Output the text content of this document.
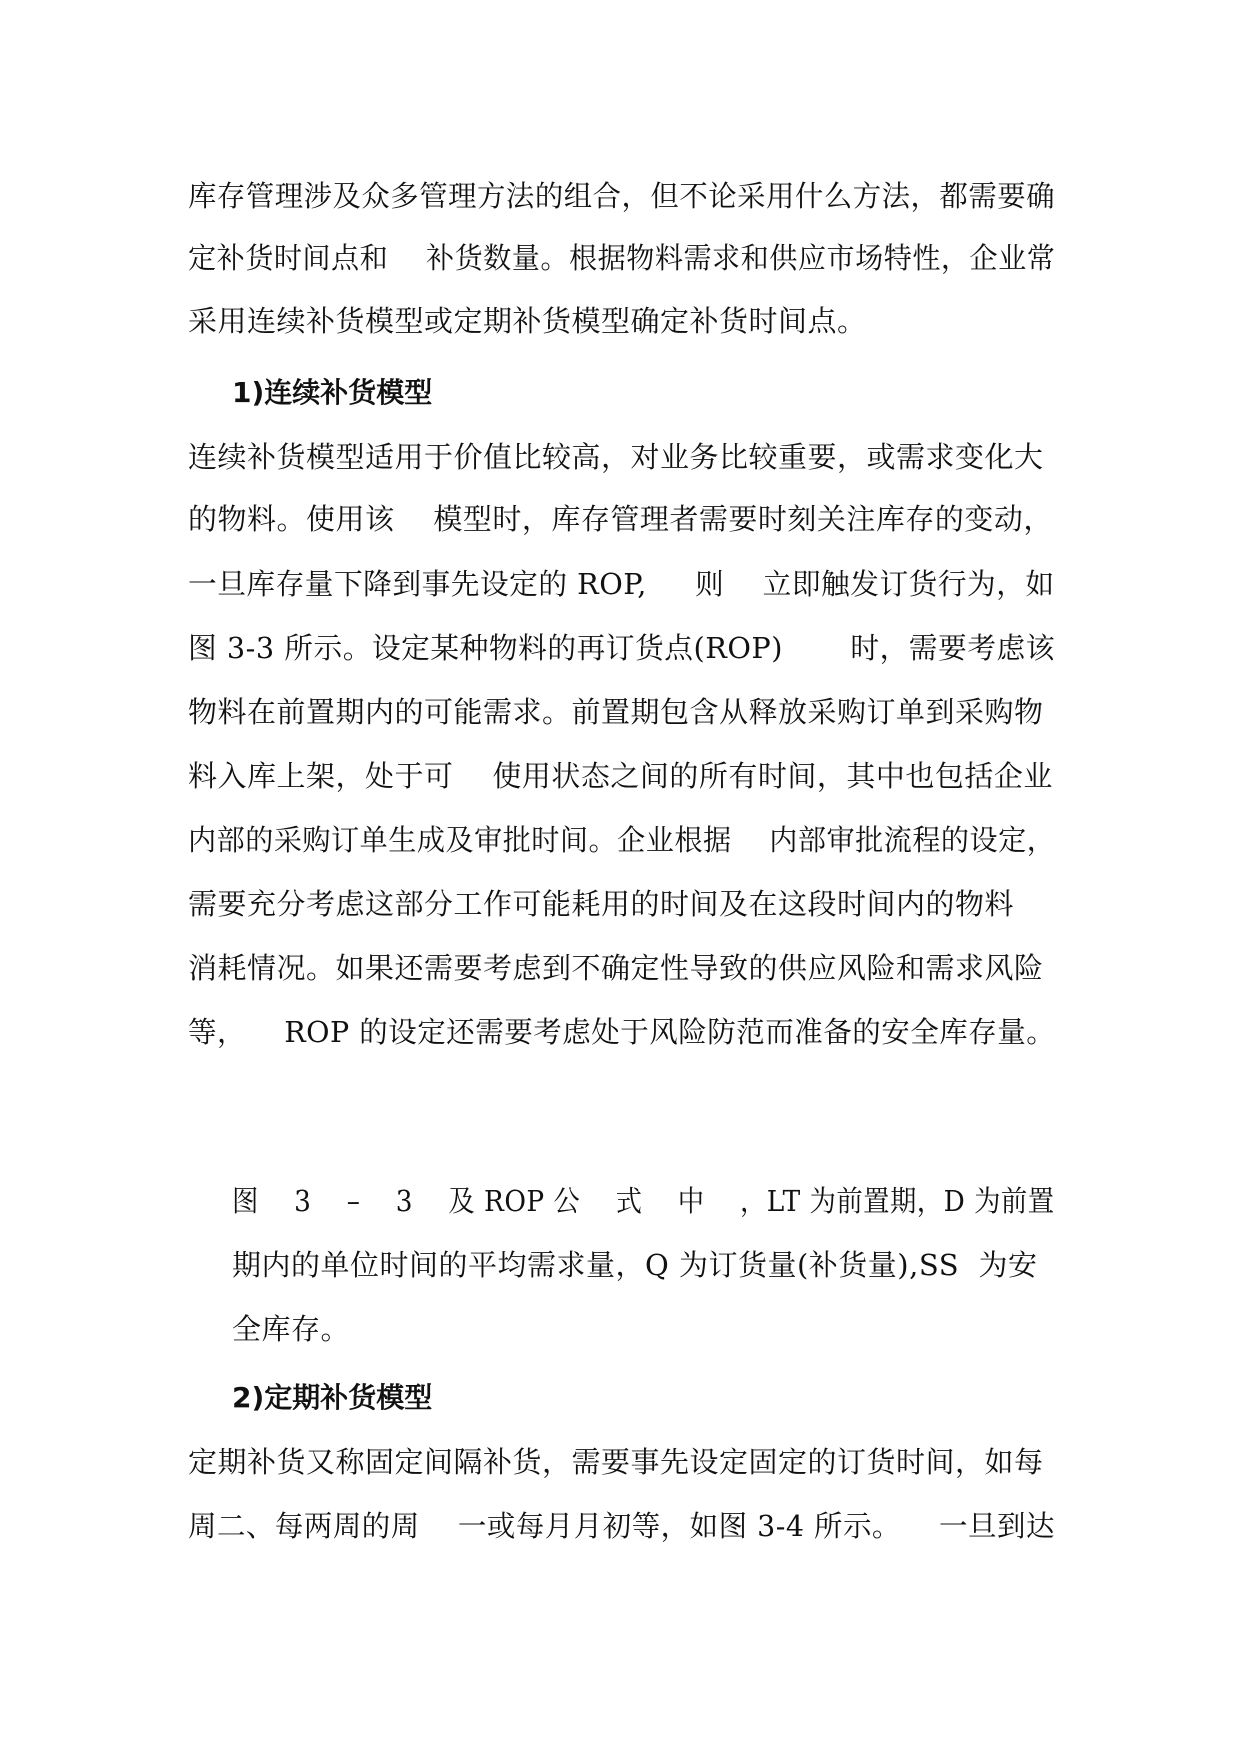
库存管理涉及众多管理方法的组合，但不论采用什么方法，都需要确
定补货时间点和    补货数量。根据物料需求和供应市场特性，企业常
采用连续补货模型或定期补货模型确定补货时间点。
1)连续补货模型
连续补货模型适用于价值比较高，对业务比较重要，或需求变化大
的物料。使用该    模型时，库存管理者需要时刻关注库存的变动，
一旦库存量下降到事先设定的 ROP,     则    立即触发订货行为，如
图 3-3 所示。设定某种物料的再订货点(ROP)       时，需要考虑该
物料在前置期内的可能需求。前置期包含从释放采购订单到采购物
料入库上架，处于可    使用状态之间的所有时间，其中也包括企业
内部的采购订单生成及审批时间。企业根据    内部审批流程的设定，
需要充分考虑这部分工作可能耗用的时间及在这段时间内的物料
消耗情况。如果还需要考虑到不确定性导致的供应风险和需求风险
等，    ROP 的设定还需要考虑处于风险防范而准备的安全库存量。
图    3    –    3    及 ROP 公    式    中    ，LT 为前置期，D 为前置
期内的单位时间的平均需求量，Q 为订货量(补货量),SS  为安
全库存。
2)定期补货模型
定期补货又称固定间隔补货，需要事先设定固定的订货时间，如每
周二、每两周的周    一或每月月初等，如图 3-4 所示。    一旦到达
